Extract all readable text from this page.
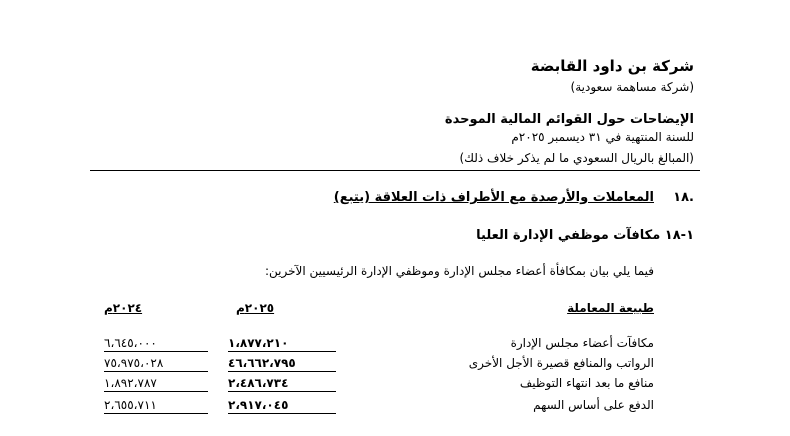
شركة بن داود القابضة
(شركة مساهمة سعودية)
الإيضاحات حول القوائم المالية الموحدة
للسنة المنتهية في ٣١ ديسمبر ٢٠٢٥م
(المبالغ بالريال السعودي ما لم يذكر خلاف ذلك)
.١٨
المعاملات والأرصدة مع الأطراف ذات العلاقة (يتبع)
١-١٨ مكافآت موظفي الإدارة العليا
فيما يلي بيان بمكافأة أعضاء مجلس الإدارة وموظفي الإدارة الرئيسيين الآخرين:
طبيعة المعاملة
٢٠٢٥م
٢٠٢٤م
مكافآت أعضاء مجلس الإدارة
١،٨٧٧،٢١٠
٦،٦٤٥،٠٠٠
الرواتب والمنافع قصيرة الأجل الأخرى
٤٦،٦٦٢،٧٩٥
٧٥،٩٧٥،٠٢٨
منافع ما بعد انتهاء التوظيف
٢،٤٨٦،٧٣٤
١،٨٩٢،٧٨٧
الدفع على أساس السهم
٢،٩١٧،٠٤٥
٢،٦٥٥،٧١١
